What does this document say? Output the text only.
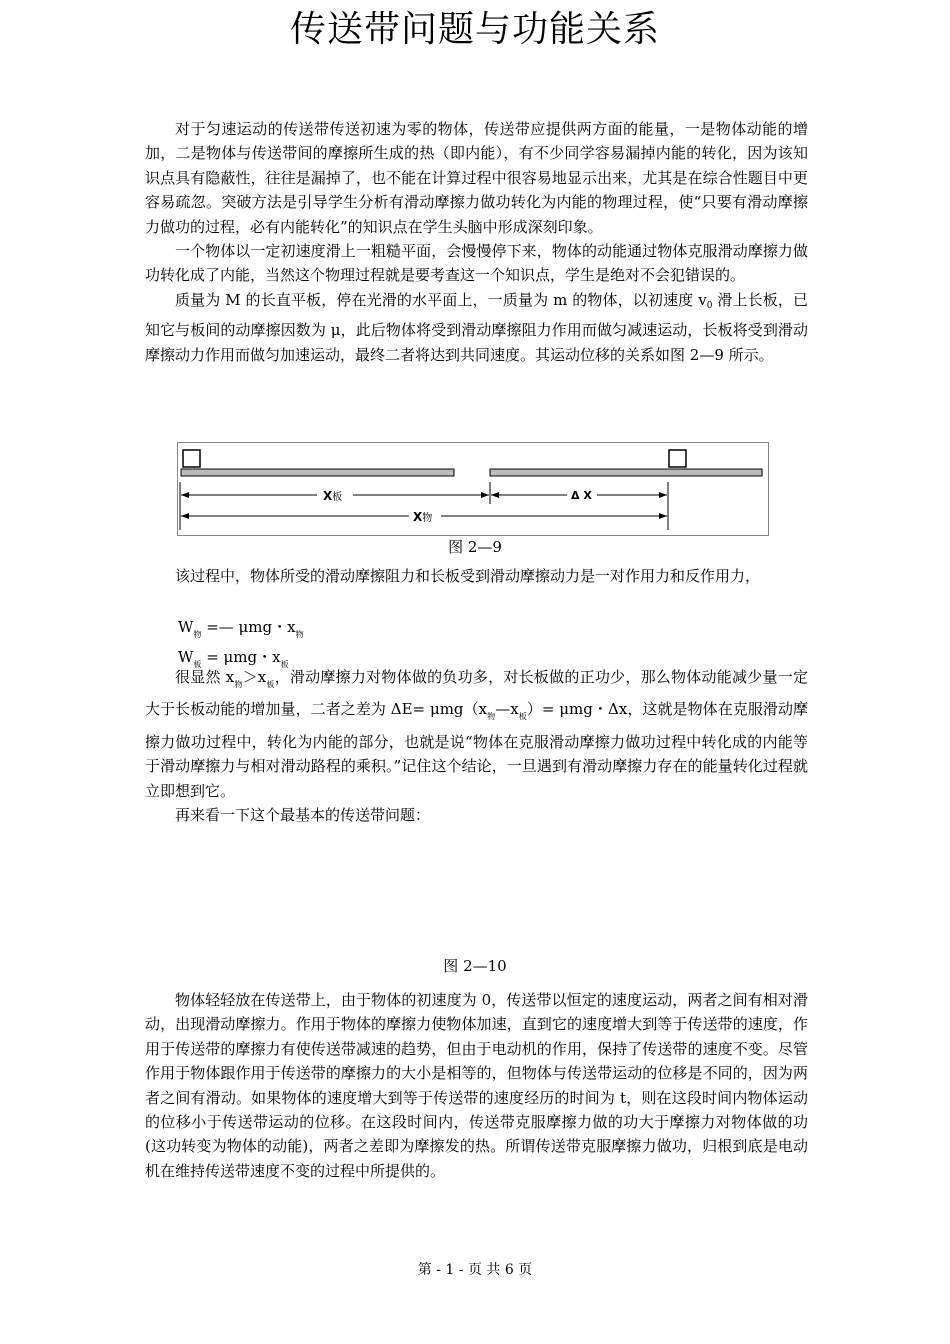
传送带问题与功能关系

对于匀速运动的传送带传送初速为零的物体，传送带应提供两方面的能量，一是物体动能的增加，二是物体与传送带间的摩擦所生成的热（即内能），有不少同学容易漏掉内能的转化，因为该知识点具有隐蔽性，往往是漏掉了，也不能在计算过程中很容易地显示出来，尤其是在综合性题目中更容易疏忽。突破方法是引导学生分析有滑动摩擦力做功转化为内能的物理过程，使“只要有滑动摩擦力做功的过程，必有内能转化”的知识点在学生头脑中形成深刻印象。

一个物体以一定初速度滑上一粗糙平面，会慢慢停下来，物体的动能通过物体克服滑动摩擦力做功转化成了内能，当然这个物理过程就是要考查这一个知识点，学生是绝对不会犯错误的。

质量为 M 的长直平板，停在光滑的水平面上，一质量为 m 的物体，以初速度 $v_0$ 滑上长板，已知它与板间的动摩擦因数为 μ，此后物体将受到滑动摩擦阻力作用而做匀减速运动，长板将受到滑动摩擦动力作用而做匀加速运动，最终二者将达到共同速度。其运动位移的关系如图 2—9 所示。

X板	Δ X
X物
图 2—9

该过程中，物体所受的滑动摩擦阻力和长板受到滑动摩擦动力是一对作用力和反作用力，

$W_物$ =— μmg・$x_物$
$W_板 = \mu mg$・$x_板$

很显然 $x_物>x_板$，滑动摩擦力对物体做的负功多，对长板做的正功少，那么物体动能减少量一定大于长板动能的增加量，二者之差为 $\Delta E= \mu mg(x_物—x_板)= \mu mg$・Δx，这就是物体在克服滑动摩擦力做功过程中，转化为内能的部分，也就是说“物体在克服滑动摩擦力做功过程中转化成的内能等于滑动摩擦力与相对滑动路程的乘积。”记住这个结论，一旦遇到有滑动摩擦力存在的能量转化过程就立即想到它。

再来看一下这个最基本的传送带问题：

图 2—10

物体轻轻放在传送带上，由于物体的初速度为 0，传送带以恒定的速度运动，两者之间有相对滑动，出现滑动摩擦力。作用于物体的摩擦力使物体加速，直到它的速度增大到等于传送带的速度，作用于传送带的摩擦力有使传送带减速的趋势，但由于电动机的作用，保持了传送带的速度不变。尽管作用于物体跟作用于传送带的摩擦力的大小是相等的，但物体与传送带运动的位移是不同的，因为两者之间有滑动。如果物体的速度增大到等于传送带的速度经历的时间为 t，则在这段时间内物体运动的位移小于传送带运动的位移。在这段时间内，传送带克服摩擦力做的功大于摩擦力对物体做的功(这功转变为物体的动能)，两者之差即为摩擦发的热。所谓传送带克服摩擦力做功，归根到底是电动机在维持传送带速度不变的过程中所提供的。

第 - 1 - 页 共 6 页
